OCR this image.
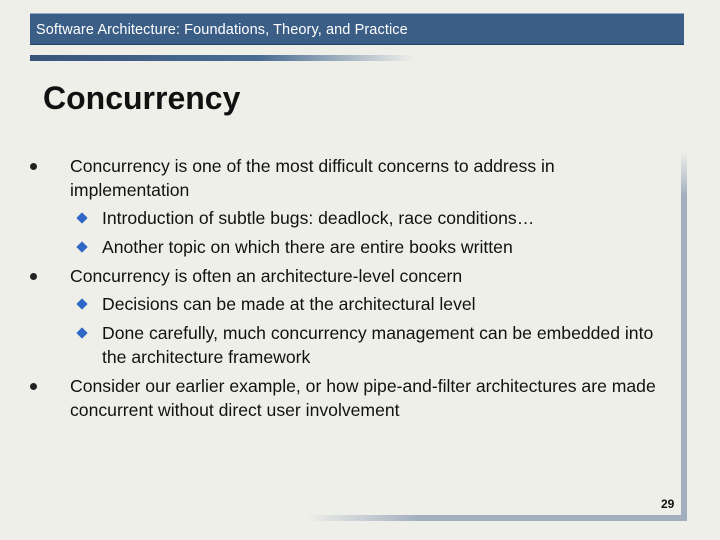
Software Architecture: Foundations, Theory, and Practice
Concurrency
Concurrency is one of the most difficult concerns to address in implementation
Introduction of subtle bugs: deadlock, race conditions…
Another topic on which there are entire books written
Concurrency is often an architecture-level concern
Decisions can be made at the architectural level
Done carefully, much concurrency management can be embedded into the architecture framework
Consider our earlier example, or how pipe-and-filter architectures are made concurrent without direct user involvement
29
